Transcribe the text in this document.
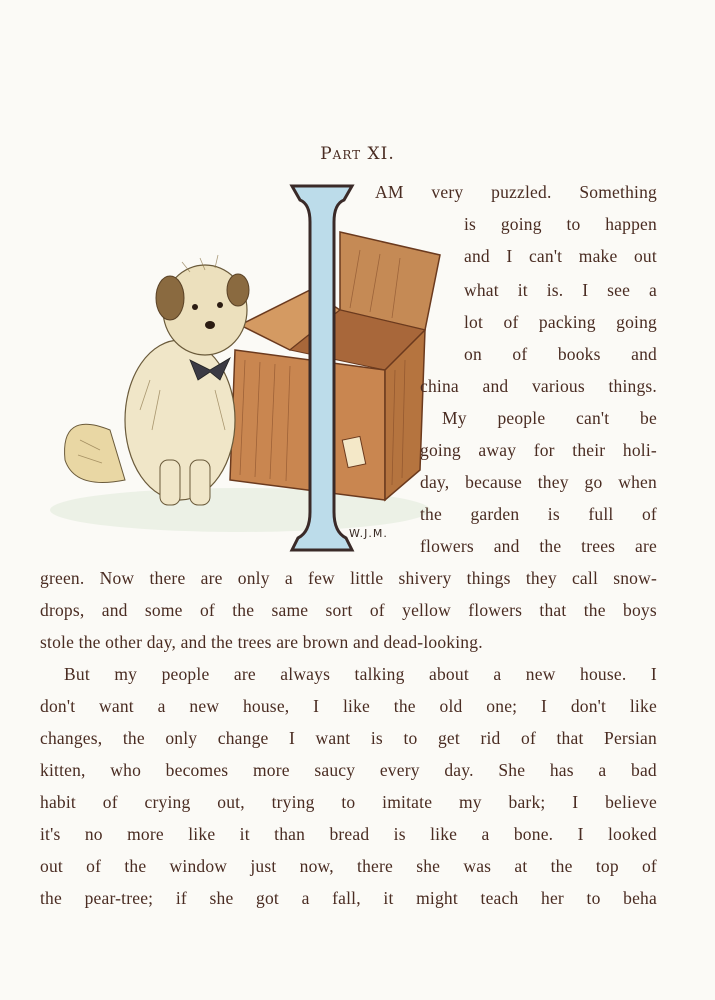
Part XI.
W.J.M.
AM very puzzled. Something
is going to happen
and I can't make out
what it is. I see a
lot of packing going
on of books and
china and various things.
My people can't be
going away for their holi-
day, because they go when
the garden is full of
flowers and the trees are
green. Now there are only a few little shivery things they call snow-
drops, and some of the same sort of yellow flowers that the boys
stole the other day, and the trees are brown and dead-looking.
But my people are always talking about a new house. I
don't want a new house, I like the old one; I don't like
changes, the only change I want is to get rid of that Persian
kitten, who becomes more saucy every day. She has a bad
habit of crying out, trying to imitate my bark; I believe
it's no more like it than bread is like a bone. I looked
out of the window just now, there she was at the top of
the pear-tree; if she got a fall, it might teach her to beha
